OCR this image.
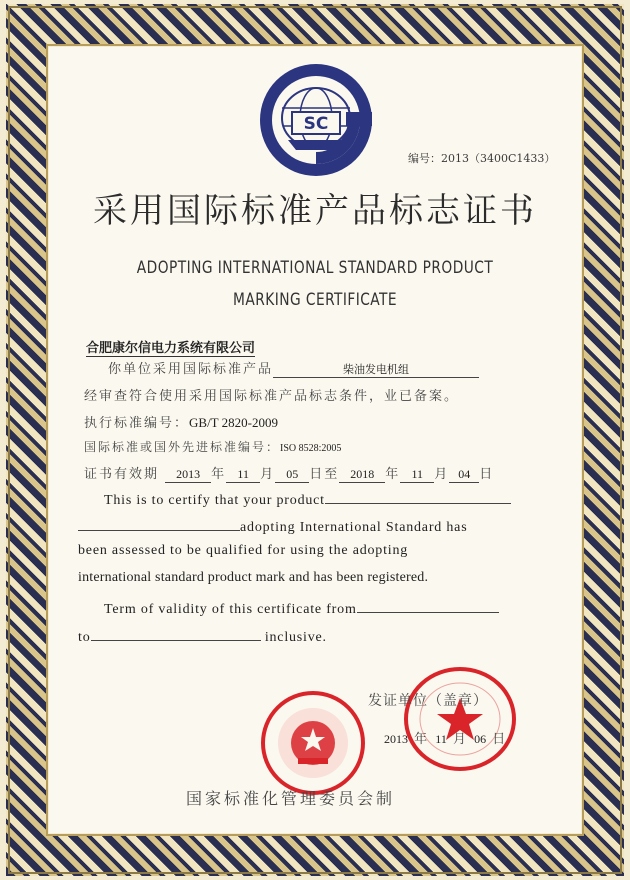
SC
编号：2013（3400C1433）
采用国际标准产品标志证书
ADOPTING INTERNATIONAL STANDARD PRODUCT
MARKING CERTIFICATE
合肥康尔信电力系统有限公司
你单位采用国际标准产品	柴油发电机组
经审查符合使用采用国际标准产品标志条件，业已备案。
执行标准编号：GB/T 2820-2009
国际标准或国外先进标准编号：ISO 8528:2005
证书有效期 2013 年 11 月 05 日至 2018 年 11 月 04 日
This is to certify that your product
adopting International Standard has
been assessed to be qualified for using the adopting
international standard product mark and has been registered.
Term of validity of this certificate from
to	inclusive.
发证单位（盖章）
2013 年 11 月 06 日
国家标准化管理委员会制
